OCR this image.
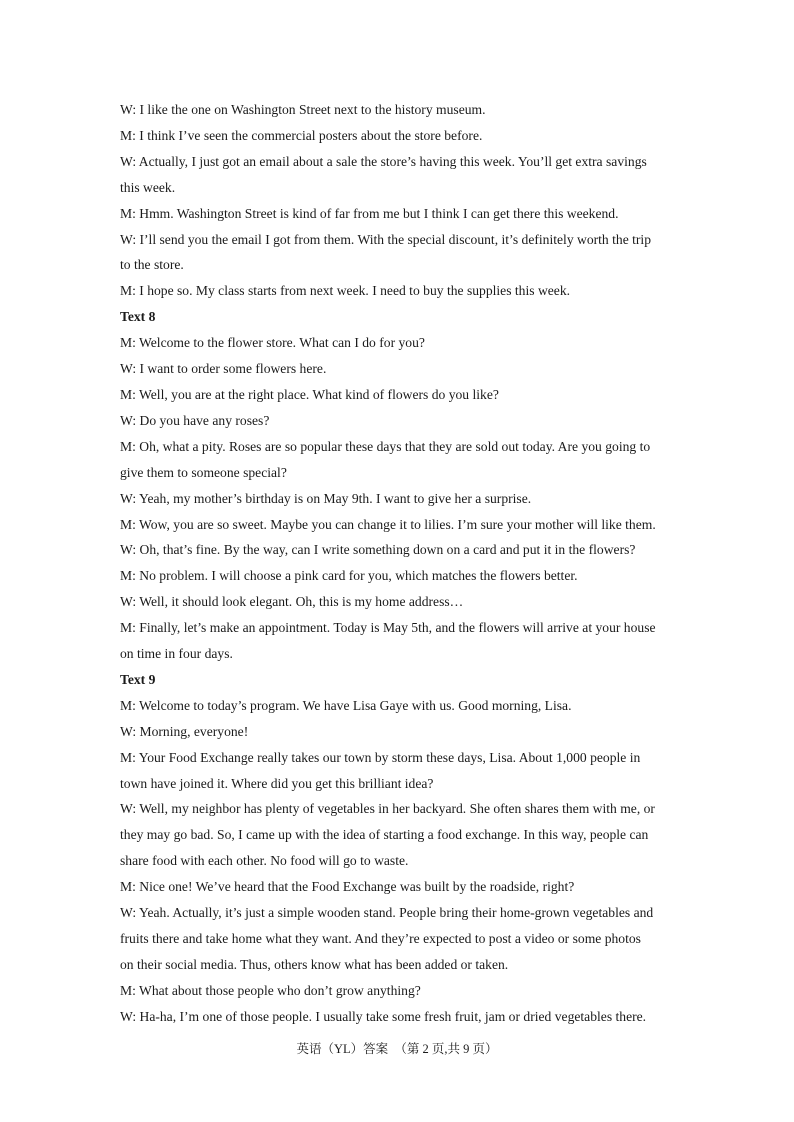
W: I like the one on Washington Street next to the history museum.
M: I think I’ve seen the commercial posters about the store before.
W: Actually, I just got an email about a sale the store’s having this week. You’ll get extra savings
this week.
M: Hmm. Washington Street is kind of far from me but I think I can get there this weekend.
W: I’ll send you the email I got from them. With the special discount, it’s definitely worth the trip
to the store.
M: I hope so. My class starts from next week. I need to buy the supplies this week.
Text 8
M: Welcome to the flower store. What can I do for you?
W: I want to order some flowers here.
M: Well, you are at the right place. What kind of flowers do you like?
W: Do you have any roses?
M: Oh, what a pity. Roses are so popular these days that they are sold out today. Are you going to
give them to someone special?
W: Yeah, my mother’s birthday is on May 9th. I want to give her a surprise.
M: Wow, you are so sweet. Maybe you can change it to lilies. I’m sure your mother will like them.
W: Oh, that’s fine. By the way, can I write something down on a card and put it in the flowers?
M: No problem. I will choose a pink card for you, which matches the flowers better.
W: Well, it should look elegant. Oh, this is my home address…
M: Finally, let’s make an appointment. Today is May 5th, and the flowers will arrive at your house
on time in four days.
Text 9
M: Welcome to today’s program. We have Lisa Gaye with us. Good morning, Lisa.
W: Morning, everyone!
M: Your Food Exchange really takes our town by storm these days, Lisa. About 1,000 people in
town have joined it. Where did you get this brilliant idea?
W: Well, my neighbor has plenty of vegetables in her backyard. She often shares them with me, or
they may go bad. So, I came up with the idea of starting a food exchange. In this way, people can
share food with each other. No food will go to waste.
M: Nice one! We’ve heard that the Food Exchange was built by the roadside, right?
W: Yeah. Actually, it’s just a simple wooden stand. People bring their home-grown vegetables and
fruits there and take home what they want. And they’re expected to post a video or some photos
on their social media. Thus, others know what has been added or taken.
M: What about those people who don’t grow anything?
W: Ha-ha, I’m one of those people. I usually take some fresh fruit, jam or dried vegetables there.
英语（YL）答案　（第 2 页,共 9 页）
